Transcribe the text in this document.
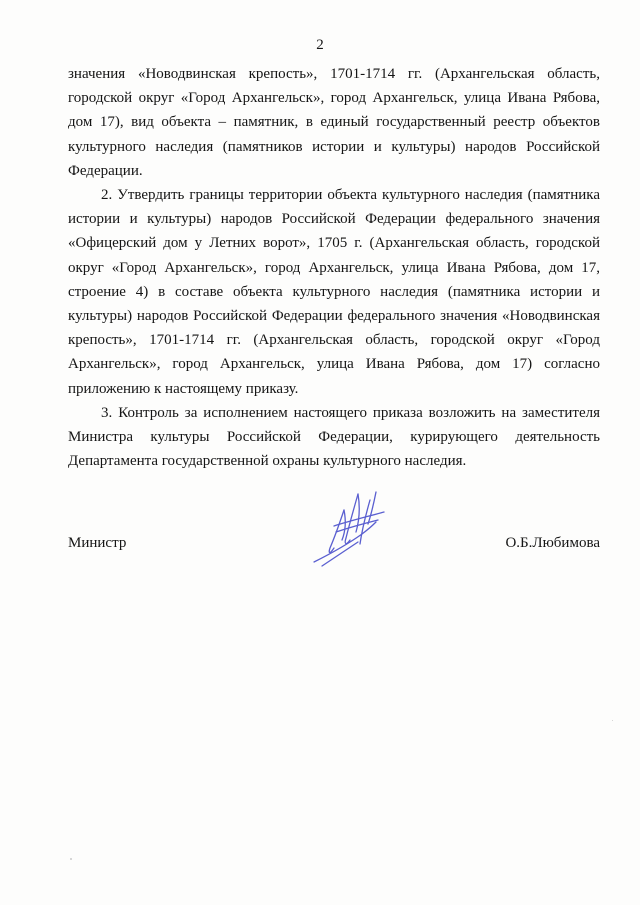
2

значения «Новодвинская крепость», 1701-1714 гг. (Архангельская область, городской округ «Город Архангельск», город Архангельск, улица Ивана Рябова, дом 17), вид объекта – памятник, в единый государственный реестр объектов культурного наследия (памятников истории и культуры) народов Российской Федерации.

2. Утвердить границы территории объекта культурного наследия (памятника истории и культуры) народов Российской Федерации федерального значения «Офицерский дом у Летних ворот», 1705 г. (Архангельская область, городской округ «Город Архангельск», город Архангельск, улица Ивана Рябова, дом 17, строение 4) в составе объекта культурного наследия (памятника истории и культуры) народов Российской Федерации федерального значения «Новодвинская крепость», 1701-1714 гг. (Архангельская область, городской округ «Город Архангельск», город Архангельск, улица Ивана Рябова, дом 17) согласно приложению к настоящему приказу.

3. Контроль за исполнением настоящего приказа возложить на заместителя Министра культуры Российской Федерации, курирующего деятельность Департамента государственной охраны культурного наследия.

Министр	О.Б.Любимова
